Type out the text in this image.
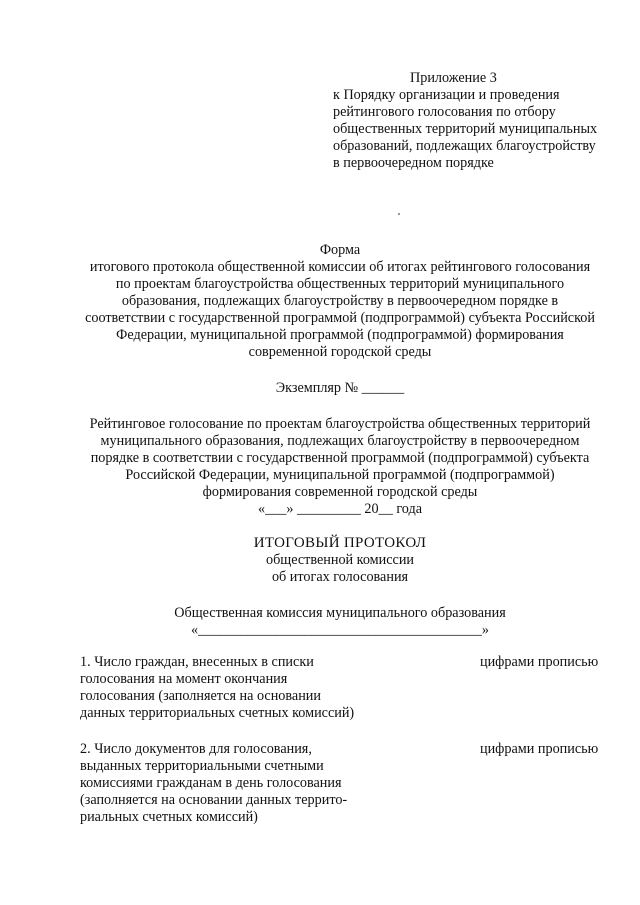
Приложение 3
к Порядку организации и проведения
рейтингового голосования по отбору
общественных территорий муниципальных
образований, подлежащих благоустройству
в первоочередном порядке
Форма
итогового протокола общественной комиссии об итогах рейтингового голосования
по проектам благоустройства общественных территорий муниципального
образования, подлежащих благоустройству в первоочередном порядке в
соответствии с государственной программой (подпрограммой) субъекта Российской
Федерации, муниципальной программой (подпрограммой) формирования
современной городской среды
Экземпляр № ______
Рейтинговое голосование по проектам благоустройства общественных территорий
муниципального образования, подлежащих благоустройству в первоочередном
порядке в соответствии с государственной программой (подпрограммой) субъекта
Российской Федерации, муниципальной программой (подпрограммой)
формирования современной городской среды
«___» _________ 20__ года
ИТОГОВЫЙ ПРОТОКОЛ
общественной комиссии
об итогах голосования
Общественная комиссия муниципального образования
«________________________________________»
1. Число граждан, внесенных в списки
голосования на момент окончания
голосования (заполняется на основании
данных территориальных счетных комиссий)
цифрами прописью
2. Число документов для голосования,
выданных территориальными счетными
комиссиями гражданам в день голосования
(заполняется на основании данных террито-
риальных счетных комиссий)
цифрами прописью
